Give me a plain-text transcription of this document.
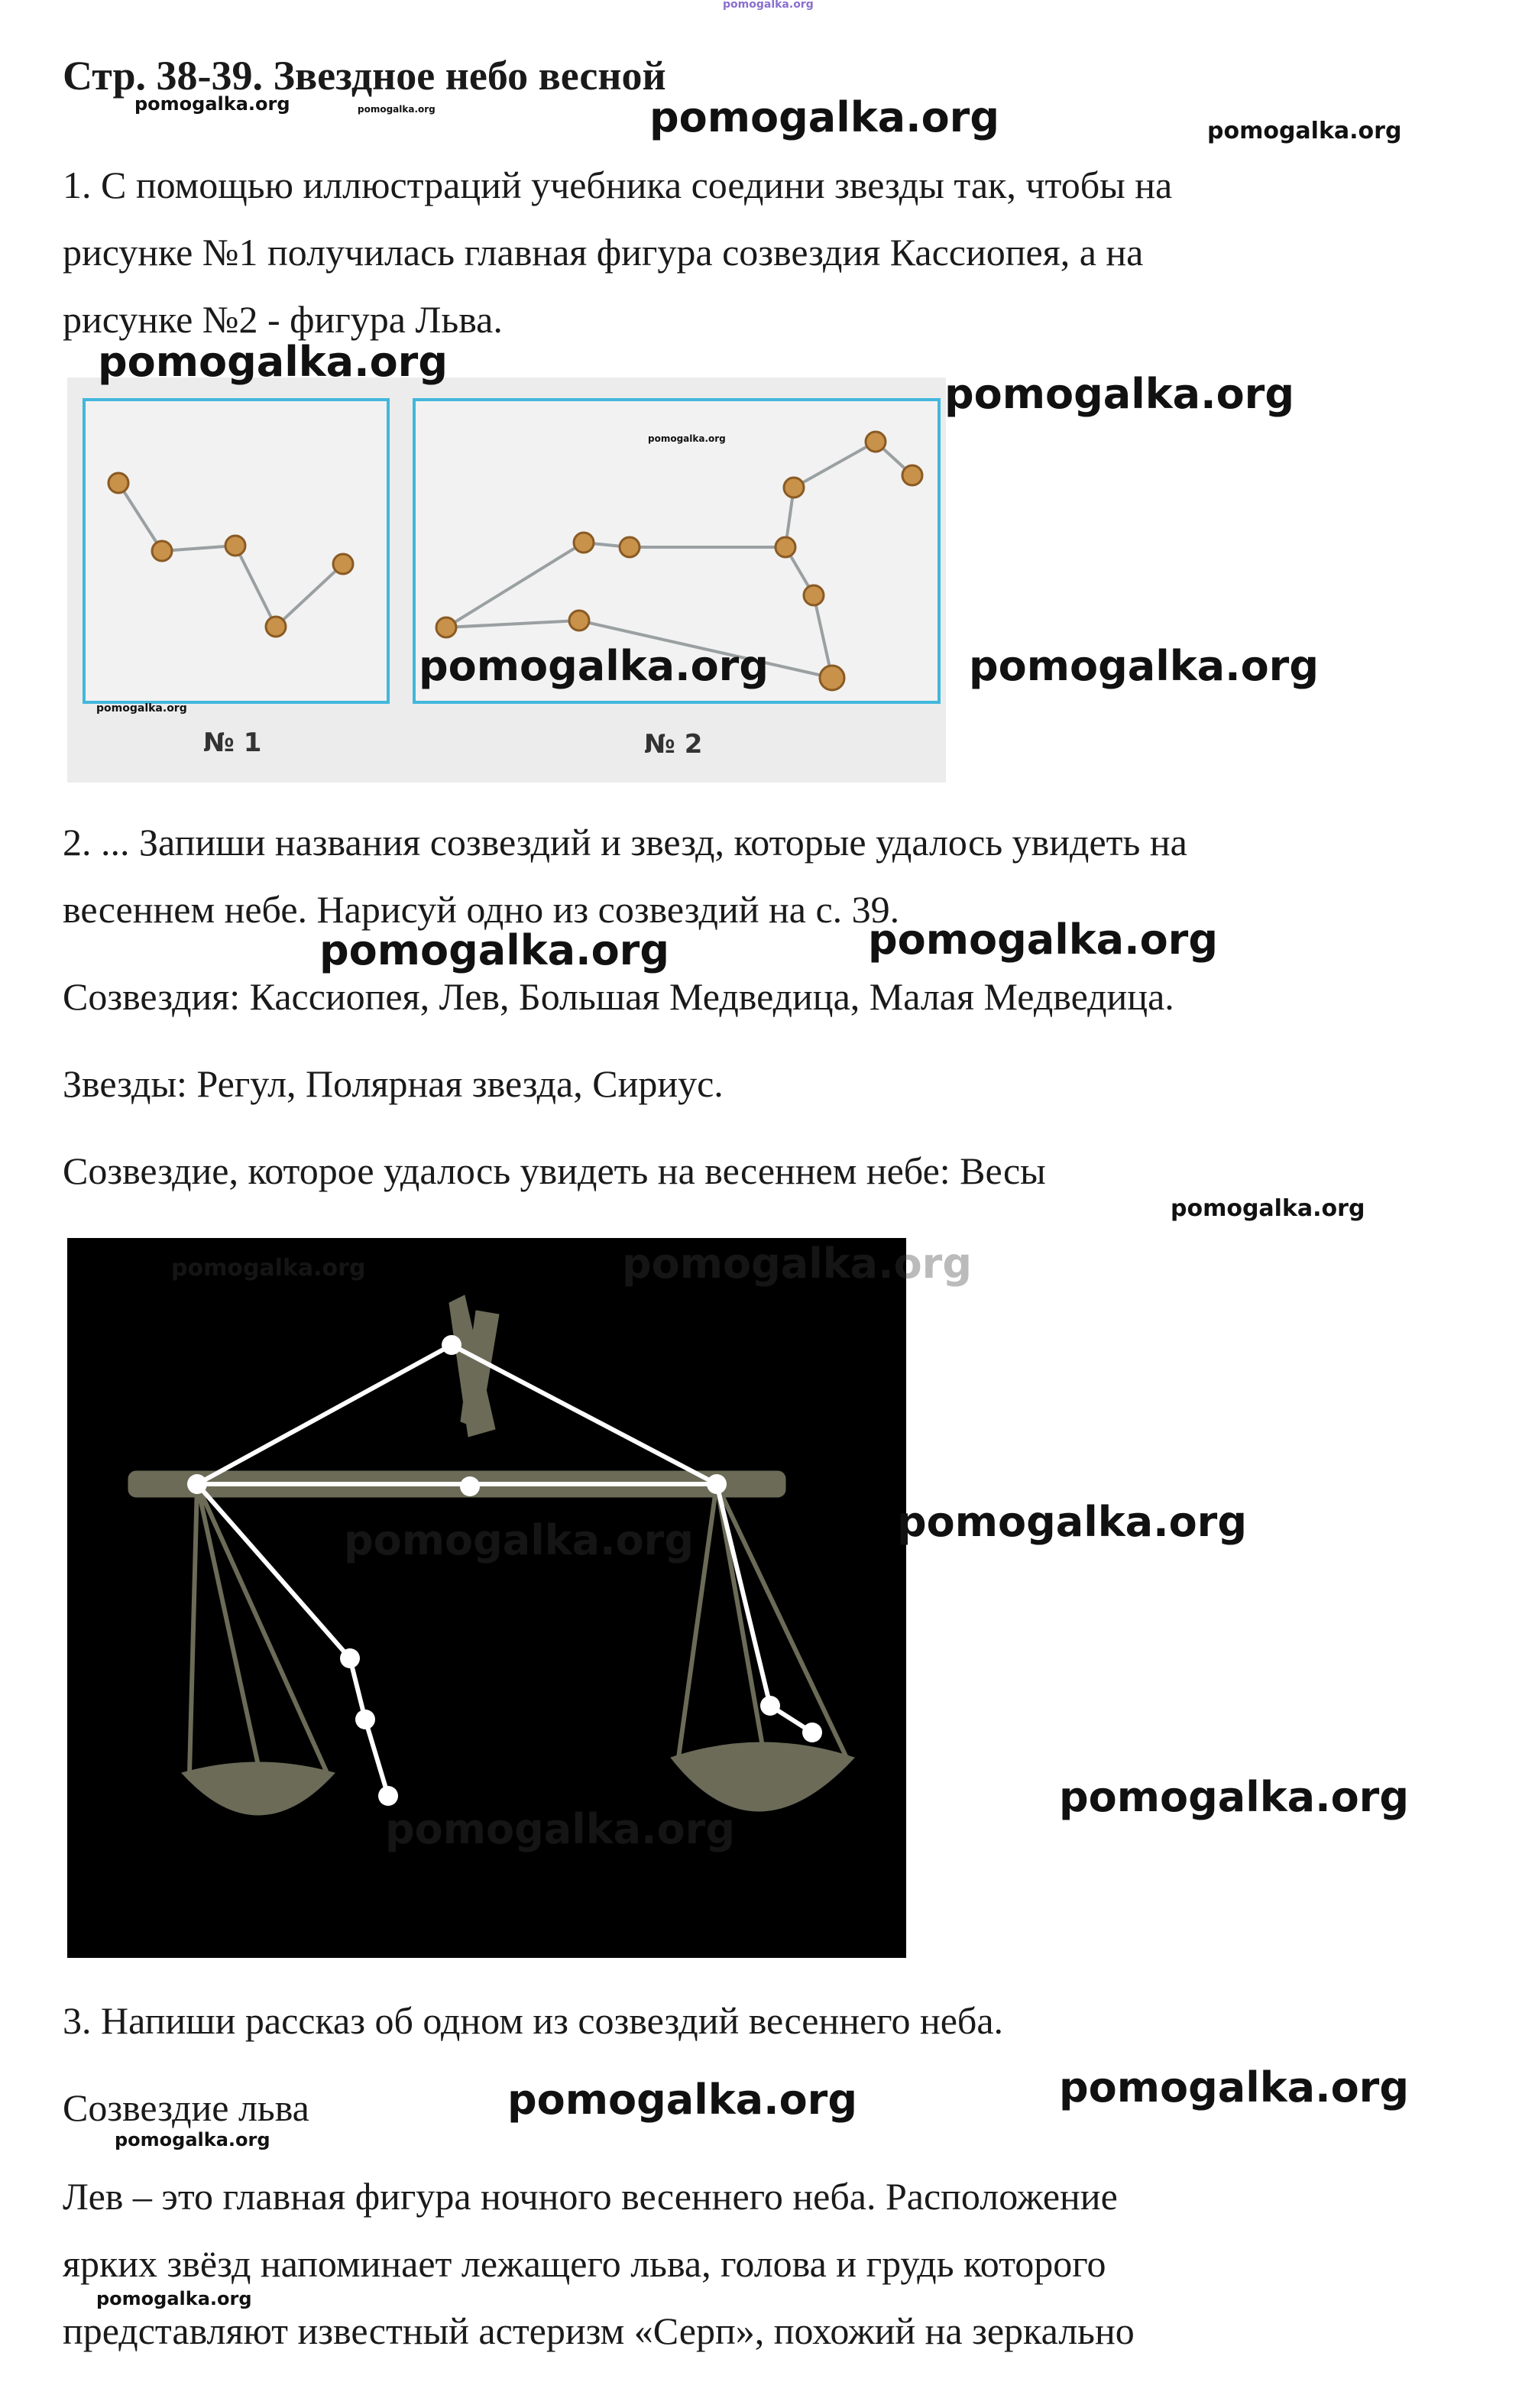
pomogalka.org
Стр. 38-39. Звездное небо весной
pomogalka.org	pomogalka.org	pomogalka.org	pomogalka.org
1. С помощью иллюстраций учебника соедини звезды так, чтобы на
рисунке №1 получилась главная фигура созвездия Кассиопея, а на
рисунке №2 - фигура Льва.
pomogalka.org
pomogalka.org
№ 1	№ 2
pomogalka.org
pomogalka.org
pomogalka.org	pomogalka.org
2. ... Запиши названия созвездий и звезд, которые удалось увидеть на
весеннем небе. Нарисуй одно из созвездий на с. 39.
pomogalka.org	pomogalka.org
Созвездия: Кассиопея, Лев, Большая Медведица, Малая Медведица.
Звезды: Регул, Полярная звезда, Сириус.
Созвездие, которое удалось увидеть на весеннем небе: Весы
pomogalka.org
pomogalka.org	pomogalka.org
pomogalka.org
pomogalka.org
pomogalka.org
pomogalka.org
3. Напиши рассказ об одном из созвездий весеннего неба.
Созвездие льва
pomogalka.org
pomogalka.org	pomogalka.org
Лев – это главная фигура ночного весеннего неба. Расположение
ярких звёзд напоминает лежащего льва, голова и грудь которого
pomogalka.org
представляют известный астеризм «Серп», похожий на зеркально
